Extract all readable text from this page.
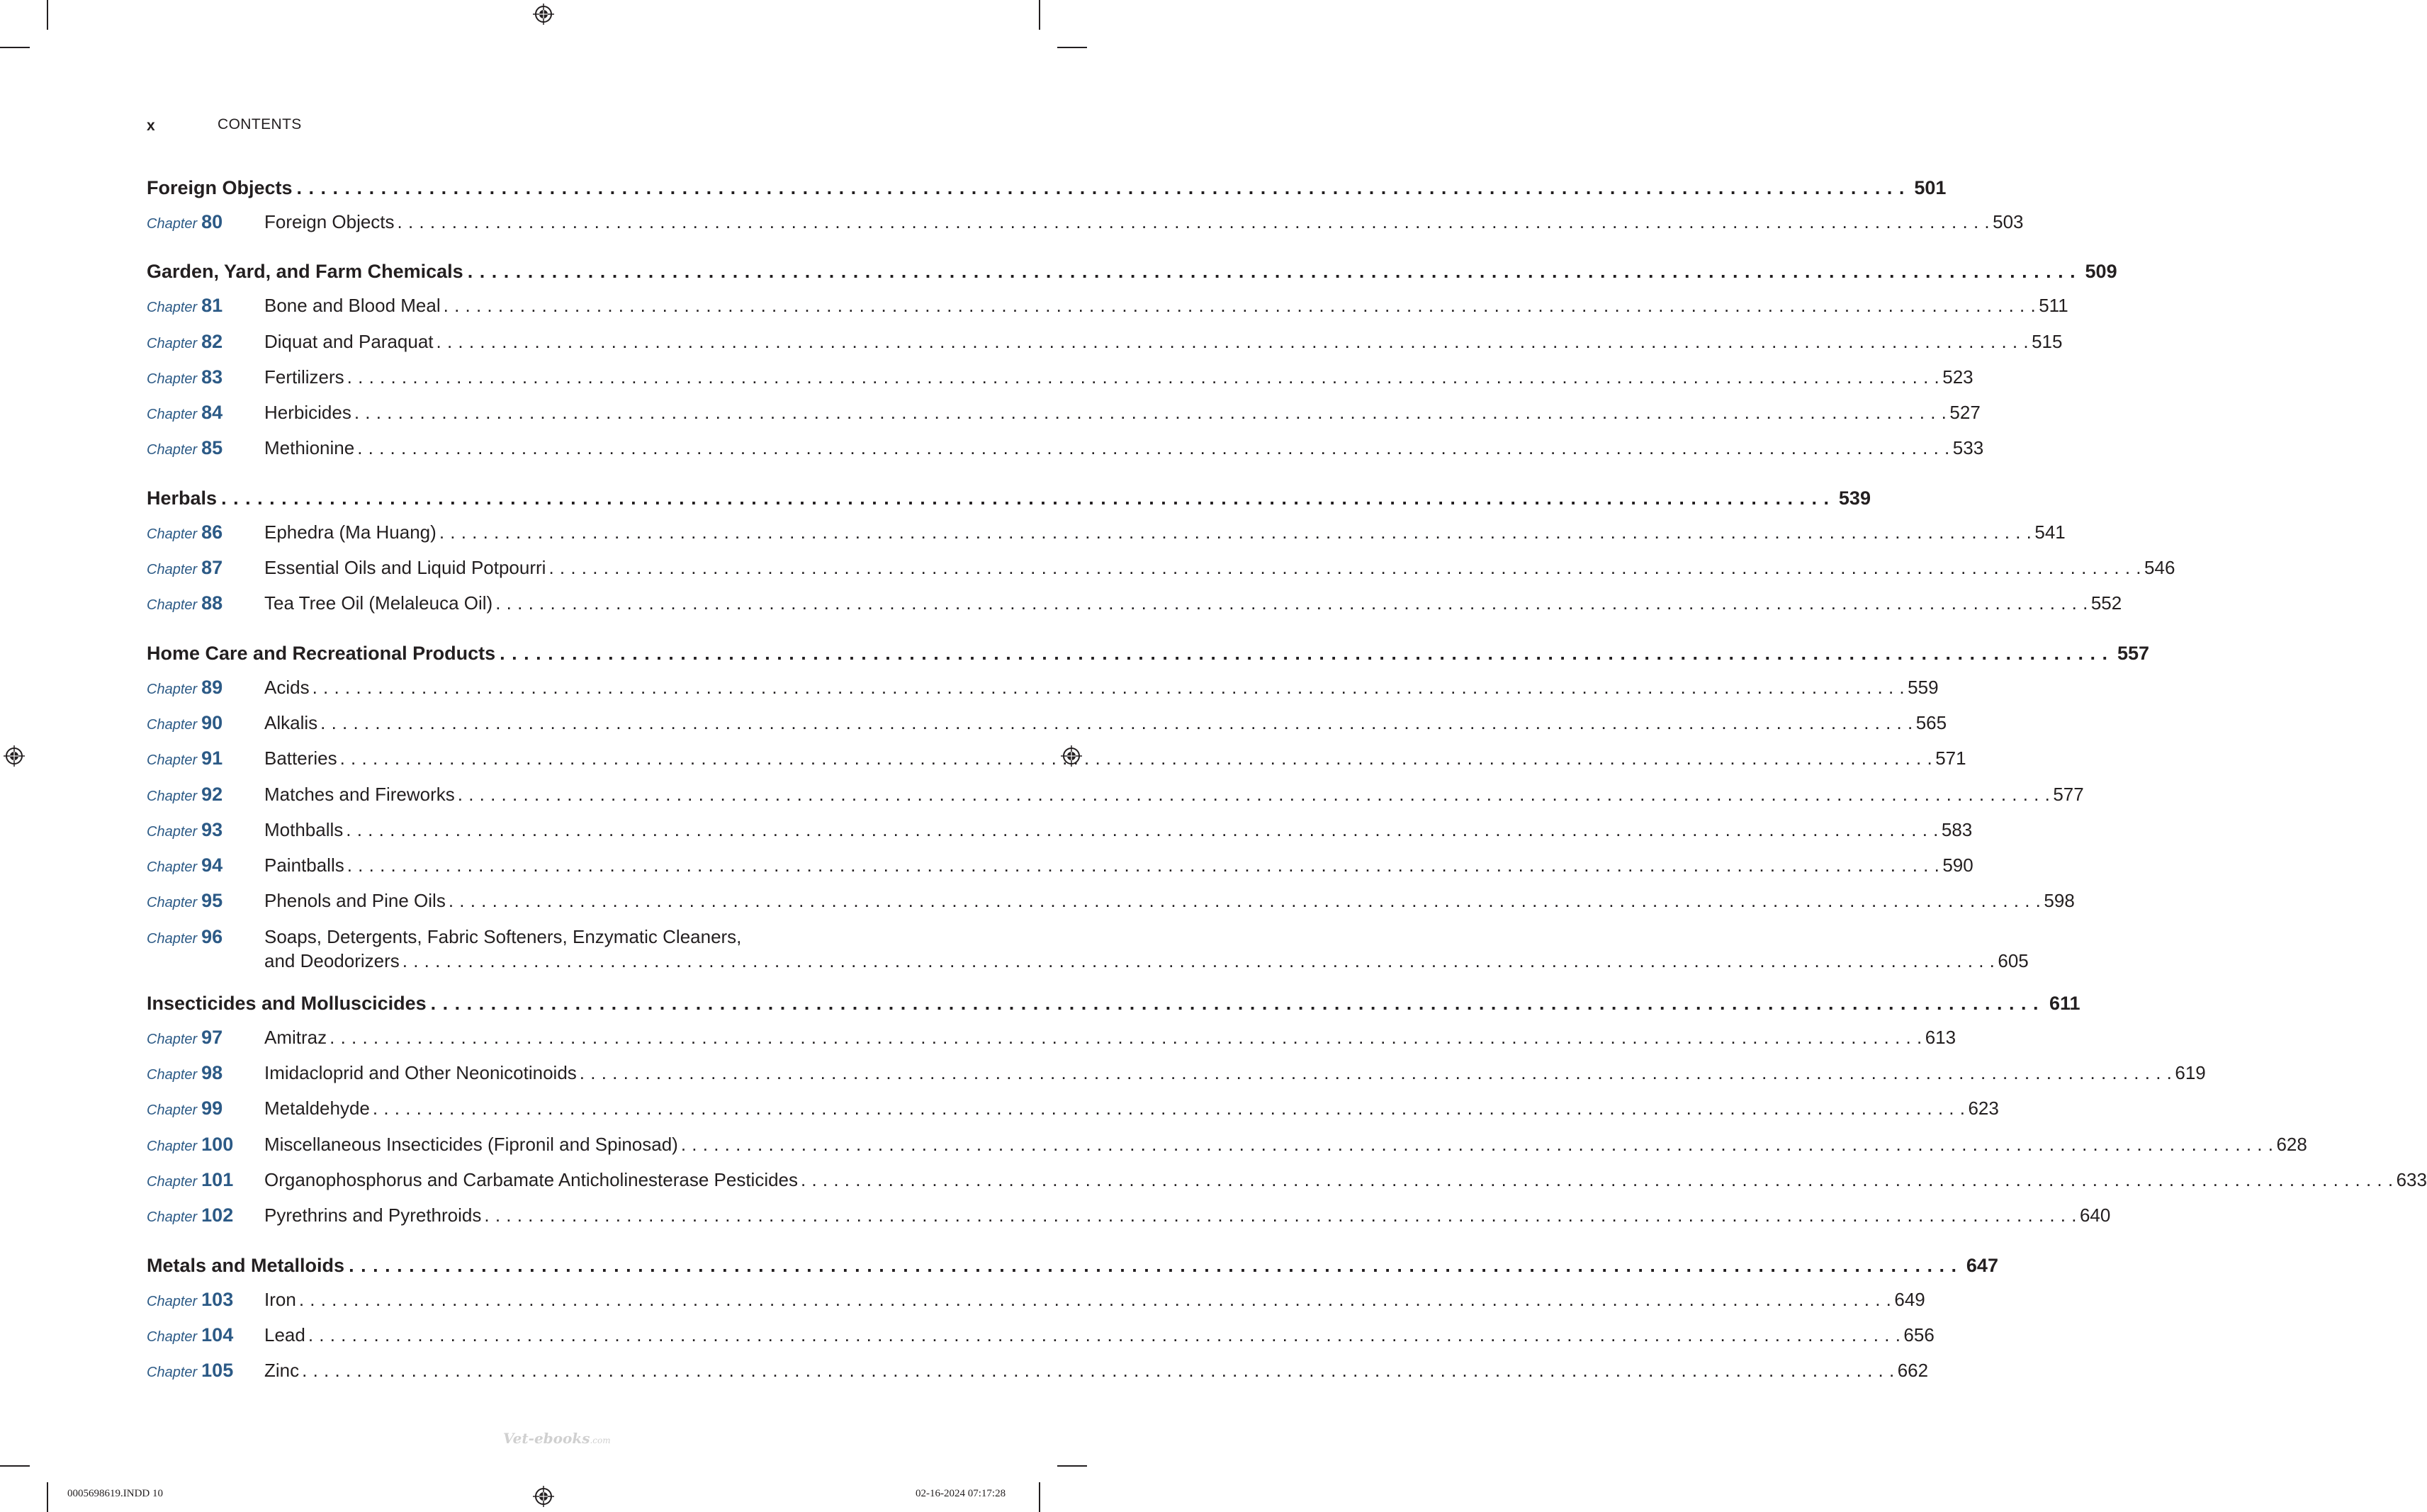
x	CONTENTS
Foreign Objects . . .	501
Chapter 80	Foreign Objects . . .	503
Garden, Yard, and Farm Chemicals . . .	509
Chapter 81	Bone and Blood Meal . . .	511
Chapter 82	Diquat and Paraquat . . .	515
Chapter 83	Fertilizers . . .	523
Chapter 84	Herbicides . . .	527
Chapter 85	Methionine . . .	533
Herbals . . .	539
Chapter 86	Ephedra (Ma Huang) . . .	541
Chapter 87	Essential Oils and Liquid Potpourri . . .	546
Chapter 88	Tea Tree Oil (Melaleuca Oil) . . .	552
Home Care and Recreational Products . . .	557
Chapter 89	Acids . . .	559
Chapter 90	Alkalis . . .	565
Chapter 91	Batteries . . .	571
Chapter 92	Matches and Fireworks . . .	577
Chapter 93	Mothballs . . .	583
Chapter 94	Paintballs . . .	590
Chapter 95	Phenols and Pine Oils . . .	598
Chapter 96	Soaps, Detergents, Fabric Softeners, Enzymatic Cleaners,
and Deodorizers . . .	605
Insecticides and Molluscicides . . .	611
Chapter 97	Amitraz . . .	613
Chapter 98	Imidacloprid and Other Neonicotinoids . . .	619
Chapter 99	Metaldehyde . . .	623
Chapter 100	Miscellaneous Insecticides (Fipronil and Spinosad) . . .	628
Chapter 101	Organophosphorus and Carbamate Anticholinesterase Pesticides . . .	633
Chapter 102	Pyrethrins and Pyrethroids . . .	640
Metals and Metalloids . . .	647
Chapter 103	Iron . . .	649
Chapter 104	Lead . . .	656
Chapter 105	Zinc . . .	662
Vet-ebooks.com
0005698619.INDD 10	02-16-2024 07:17:28
